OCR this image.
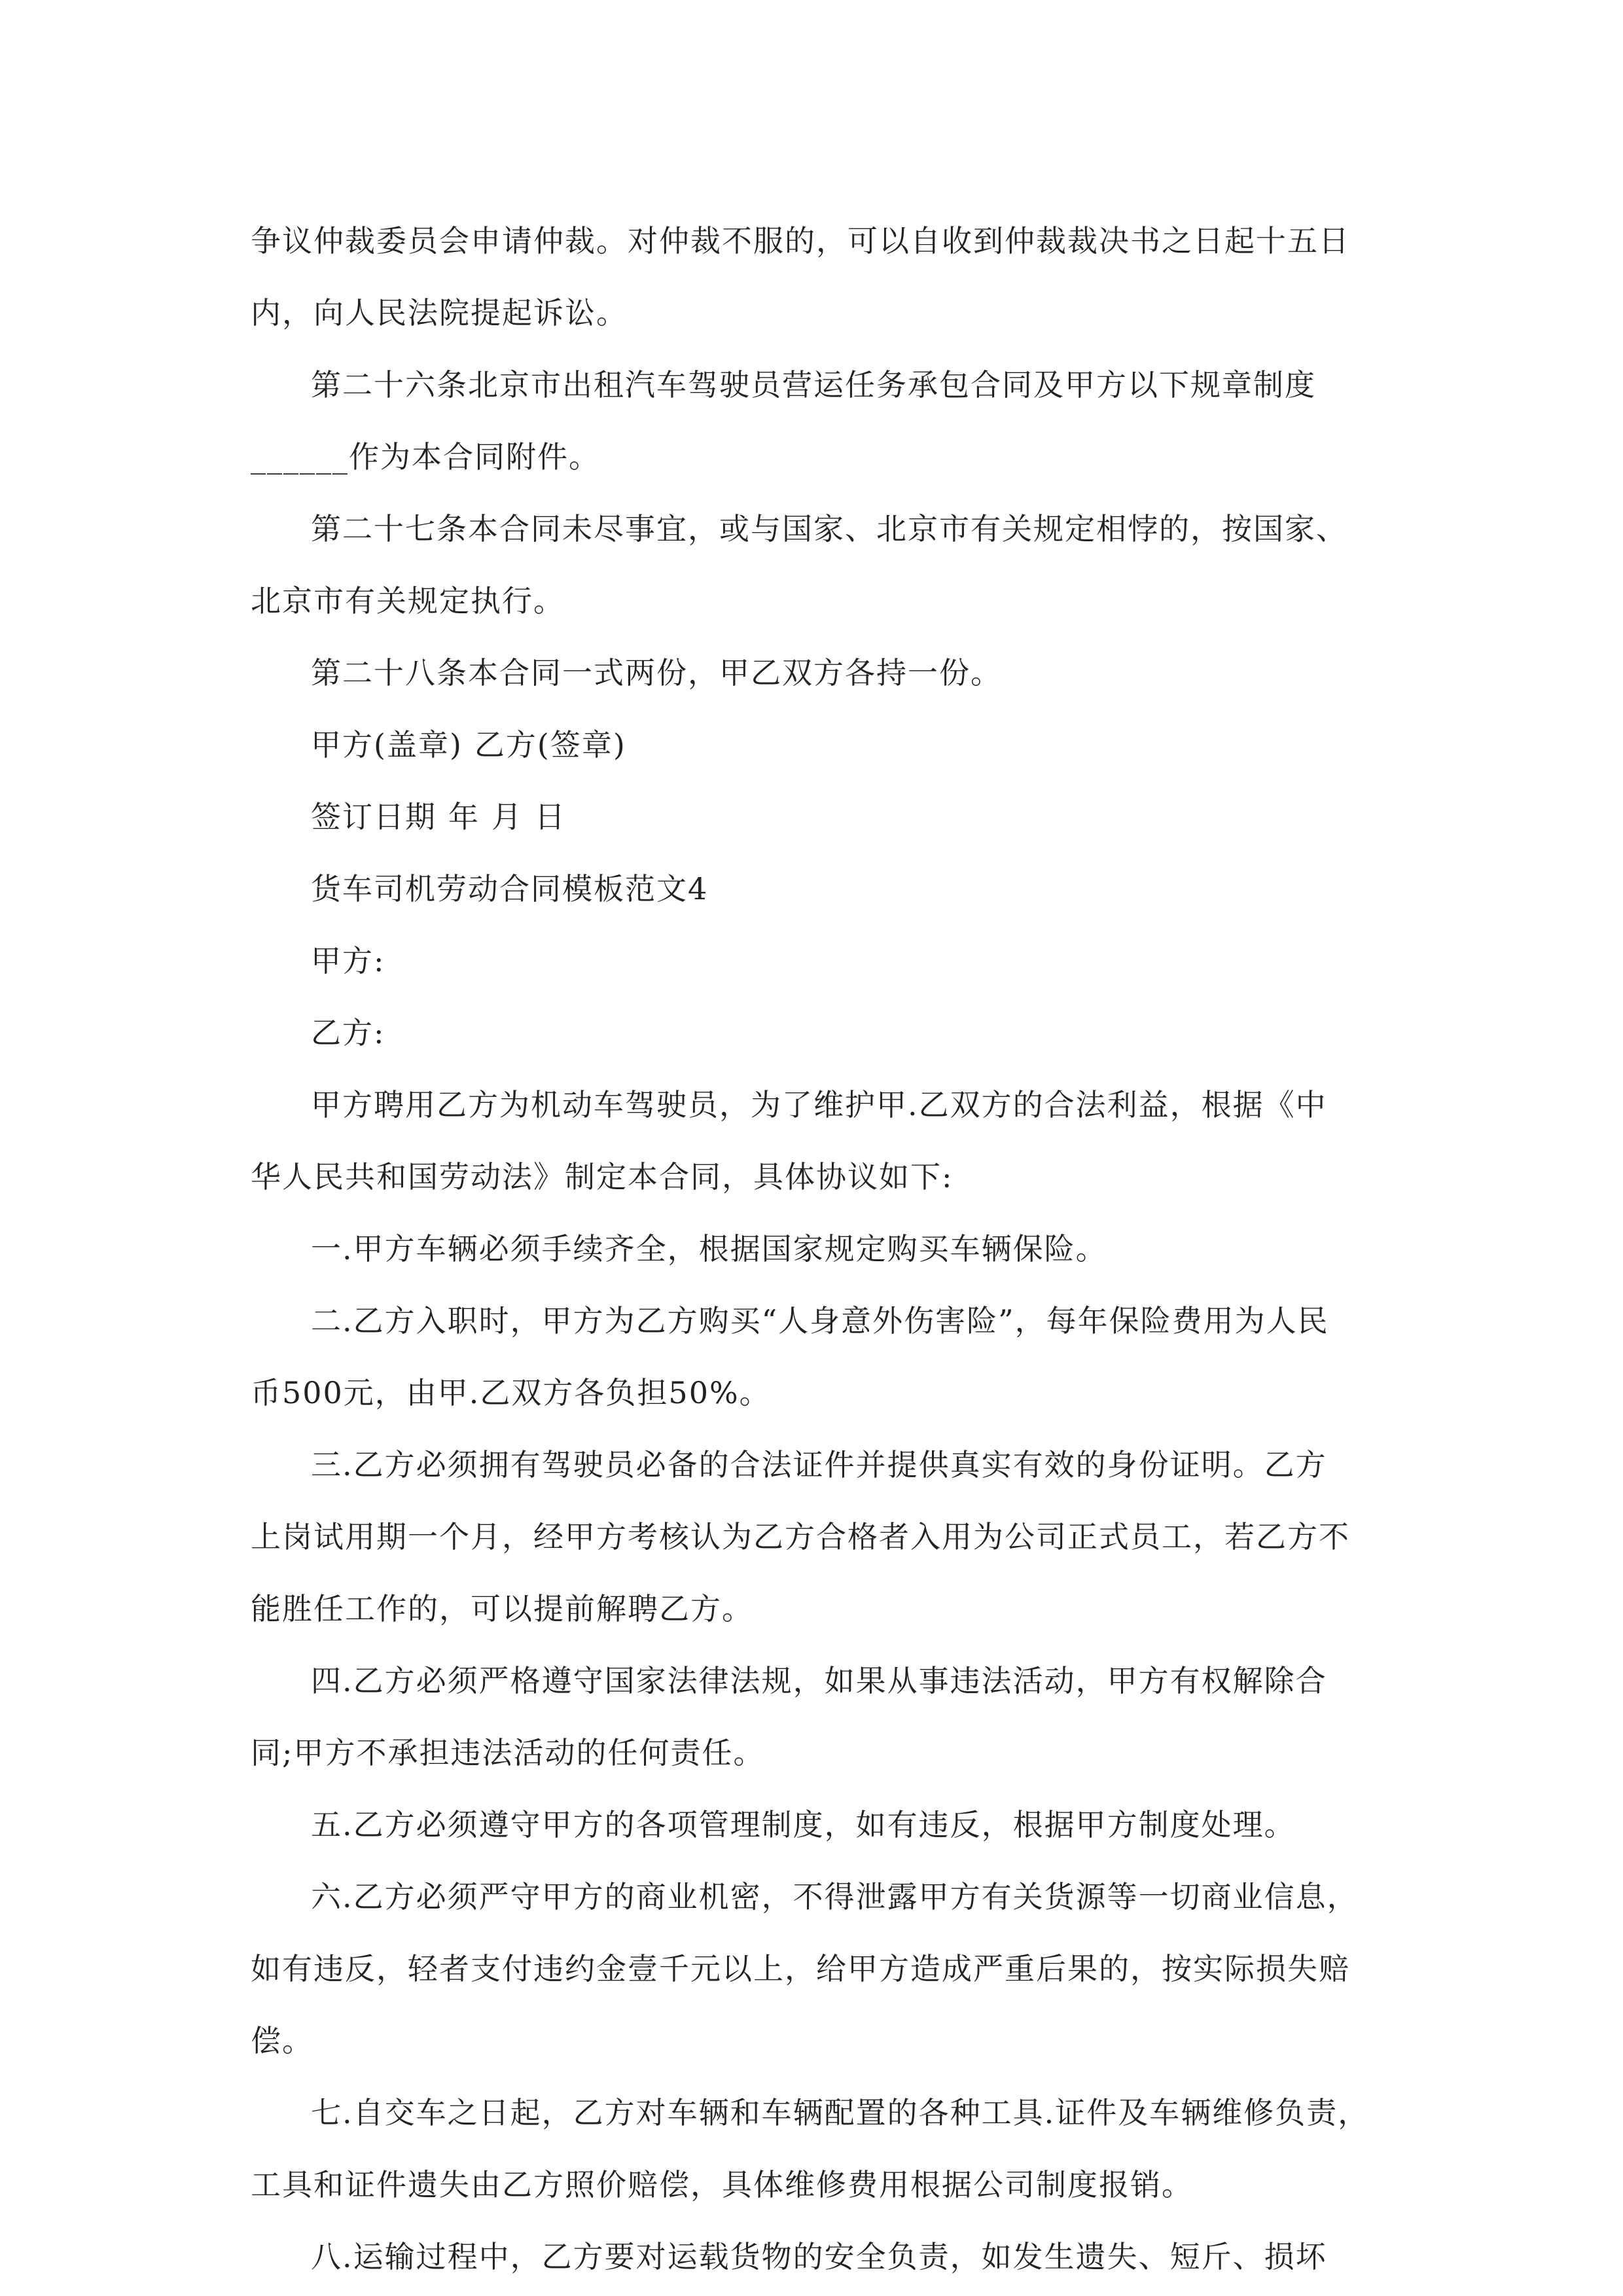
争议仲裁委员会申请仲裁。对仲裁不服的，可以自收到仲裁裁决书之日起十五日
内，向人民法院提起诉讼。

第二十六条北京市出租汽车驾驶员营运任务承包合同及甲方以下规章制度
______作为本合同附件。

第二十七条本合同未尽事宜，或与国家、北京市有关规定相悖的，按国家、
北京市有关规定执行。

第二十八条本合同一式两份，甲乙双方各持一份。

甲方(盖章) 乙方(签章)

签订日期 年 月 日

货车司机劳动合同模板范文4

甲方:

乙方:

甲方聘用乙方为机动车驾驶员，为了维护甲.乙双方的合法利益，根据《中
华人民共和国劳动法》制定本合同，具体协议如下:

一.甲方车辆必须手续齐全，根据国家规定购买车辆保险。

二.乙方入职时，甲方为乙方购买“人身意外伤害险”，每年保险费用为人民
币500元，由甲.乙双方各负担50%。

三.乙方必须拥有驾驶员必备的合法证件并提供真实有效的身份证明。乙方
上岗试用期一个月，经甲方考核认为乙方合格者入用为公司正式员工，若乙方不
能胜任工作的，可以提前解聘乙方。

四.乙方必须严格遵守国家法律法规，如果从事违法活动，甲方有权解除合
同;甲方不承担违法活动的任何责任。

五.乙方必须遵守甲方的各项管理制度，如有违反，根据甲方制度处理。

六.乙方必须严守甲方的商业机密，不得泄露甲方有关货源等一切商业信息，
如有违反，轻者支付违约金壹千元以上，给甲方造成严重后果的，按实际损失赔
偿。

七.自交车之日起，乙方对车辆和车辆配置的各种工具.证件及车辆维修负责，
工具和证件遗失由乙方照价赔偿，具体维修费用根据公司制度报销。

八.运输过程中，乙方要对运载货物的安全负责，如发生遗失、短斤、损坏
